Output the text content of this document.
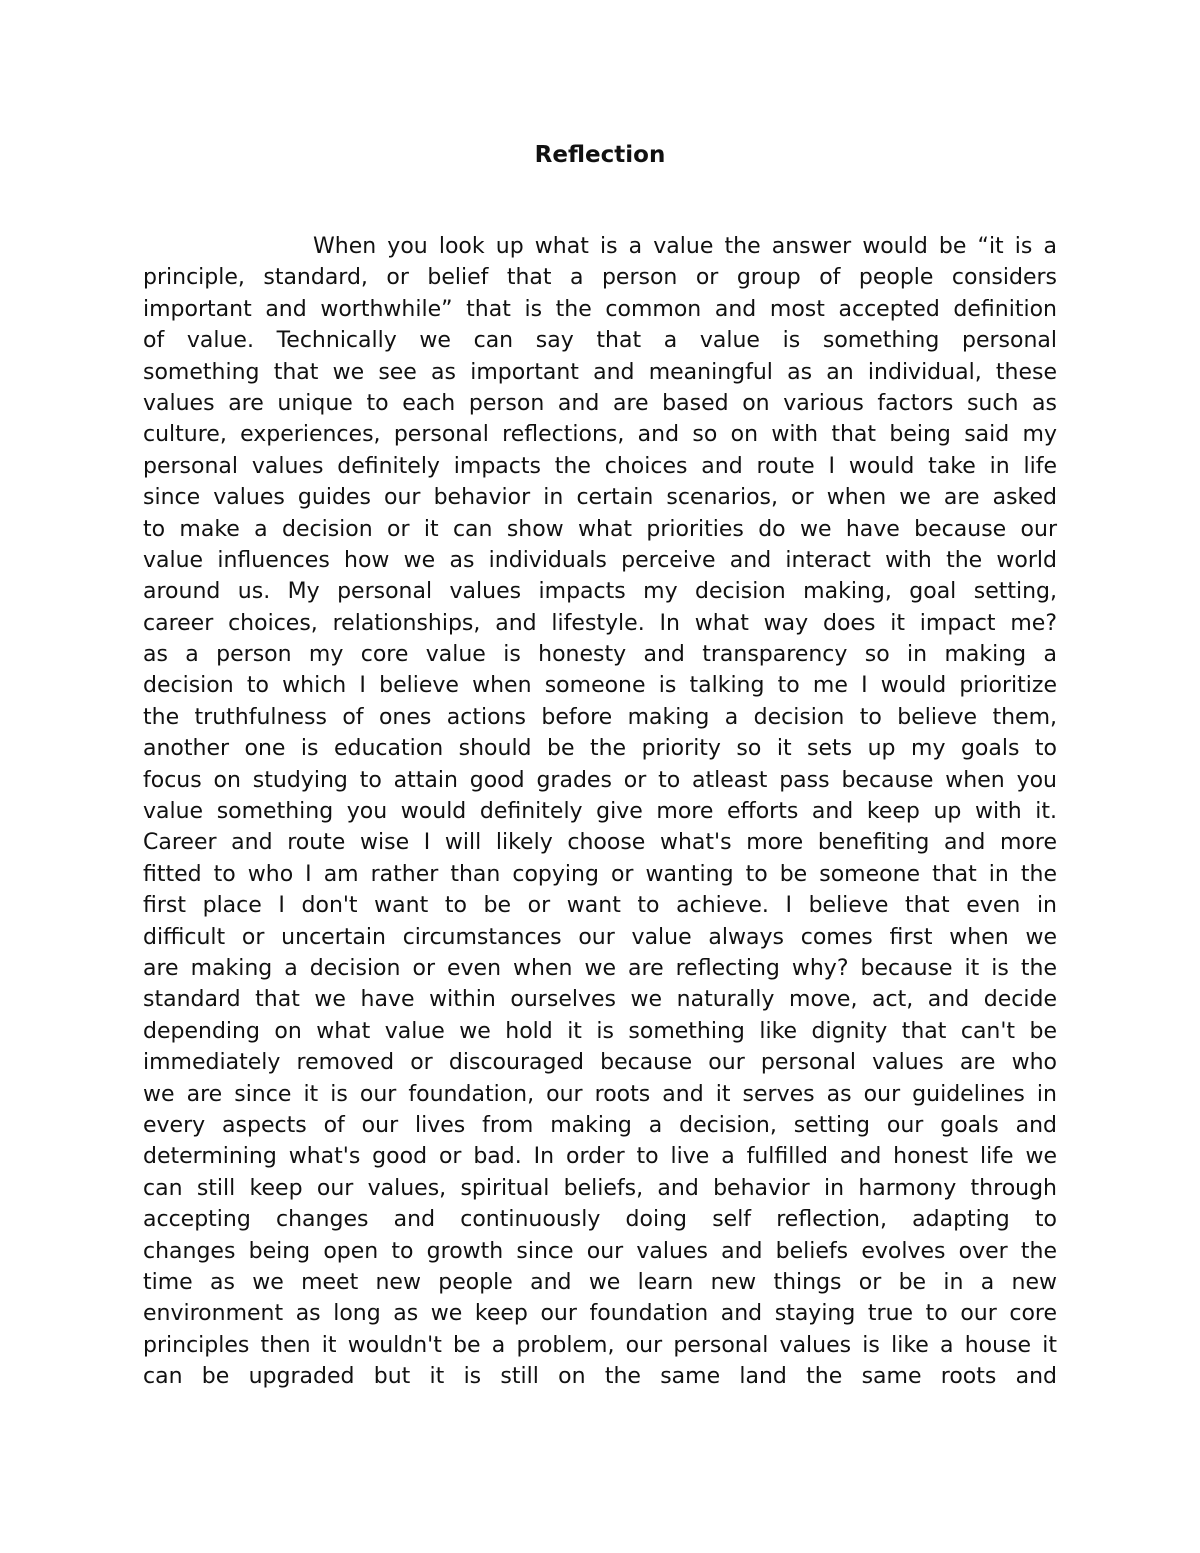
Reflection
When you look up what is a value the answer would be “it is a
principle, standard, or belief that a person or group of people considers
important and worthwhile” that is the common and most accepted definition
of value. Technically we can say that a value is something personal
something that we see as important and meaningful as an individual, these
values are unique to each person and are based on various factors such as
culture, experiences, personal reflections, and so on with that being said my
personal values definitely impacts the choices and route I would take in life
since values guides our behavior in certain scenarios, or when we are asked
to make a decision or it can show what priorities do we have because our
value influences how we as individuals perceive and interact with the world
around us. My personal values impacts my decision making, goal setting,
career choices, relationships, and lifestyle. In what way does it impact me?
as a person my core value is honesty and transparency so in making a
decision to which I believe when someone is talking to me I would prioritize
the truthfulness of ones actions before making a decision to believe them,
another one is education should be the priority so it sets up my goals to
focus on studying to attain good grades or to atleast pass because when you
value something you would definitely give more efforts and keep up with it.
Career and route wise I will likely choose what's more benefiting and more
fitted to who I am rather than copying or wanting to be someone that in the
first place I don't want to be or want to achieve. I believe that even in
difficult or uncertain circumstances our value always comes first when we
are making a decision or even when we are reflecting why? because it is the
standard that we have within ourselves we naturally move, act, and decide
depending on what value we hold it is something like dignity that can't be
immediately removed or discouraged because our personal values are who
we are since it is our foundation, our roots and it serves as our guidelines in
every aspects of our lives from making a decision, setting our goals and
determining what's good or bad. In order to live a fulfilled and honest life we
can still keep our values, spiritual beliefs, and behavior in harmony through
accepting changes and continuously doing self reflection, adapting to
changes being open to growth since our values and beliefs evolves over the
time as we meet new people and we learn new things or be in a new
environment as long as we keep our foundation and staying true to our core
principles then it wouldn't be a problem, our personal values is like a house it
can be upgraded but it is still on the same land the same roots and
